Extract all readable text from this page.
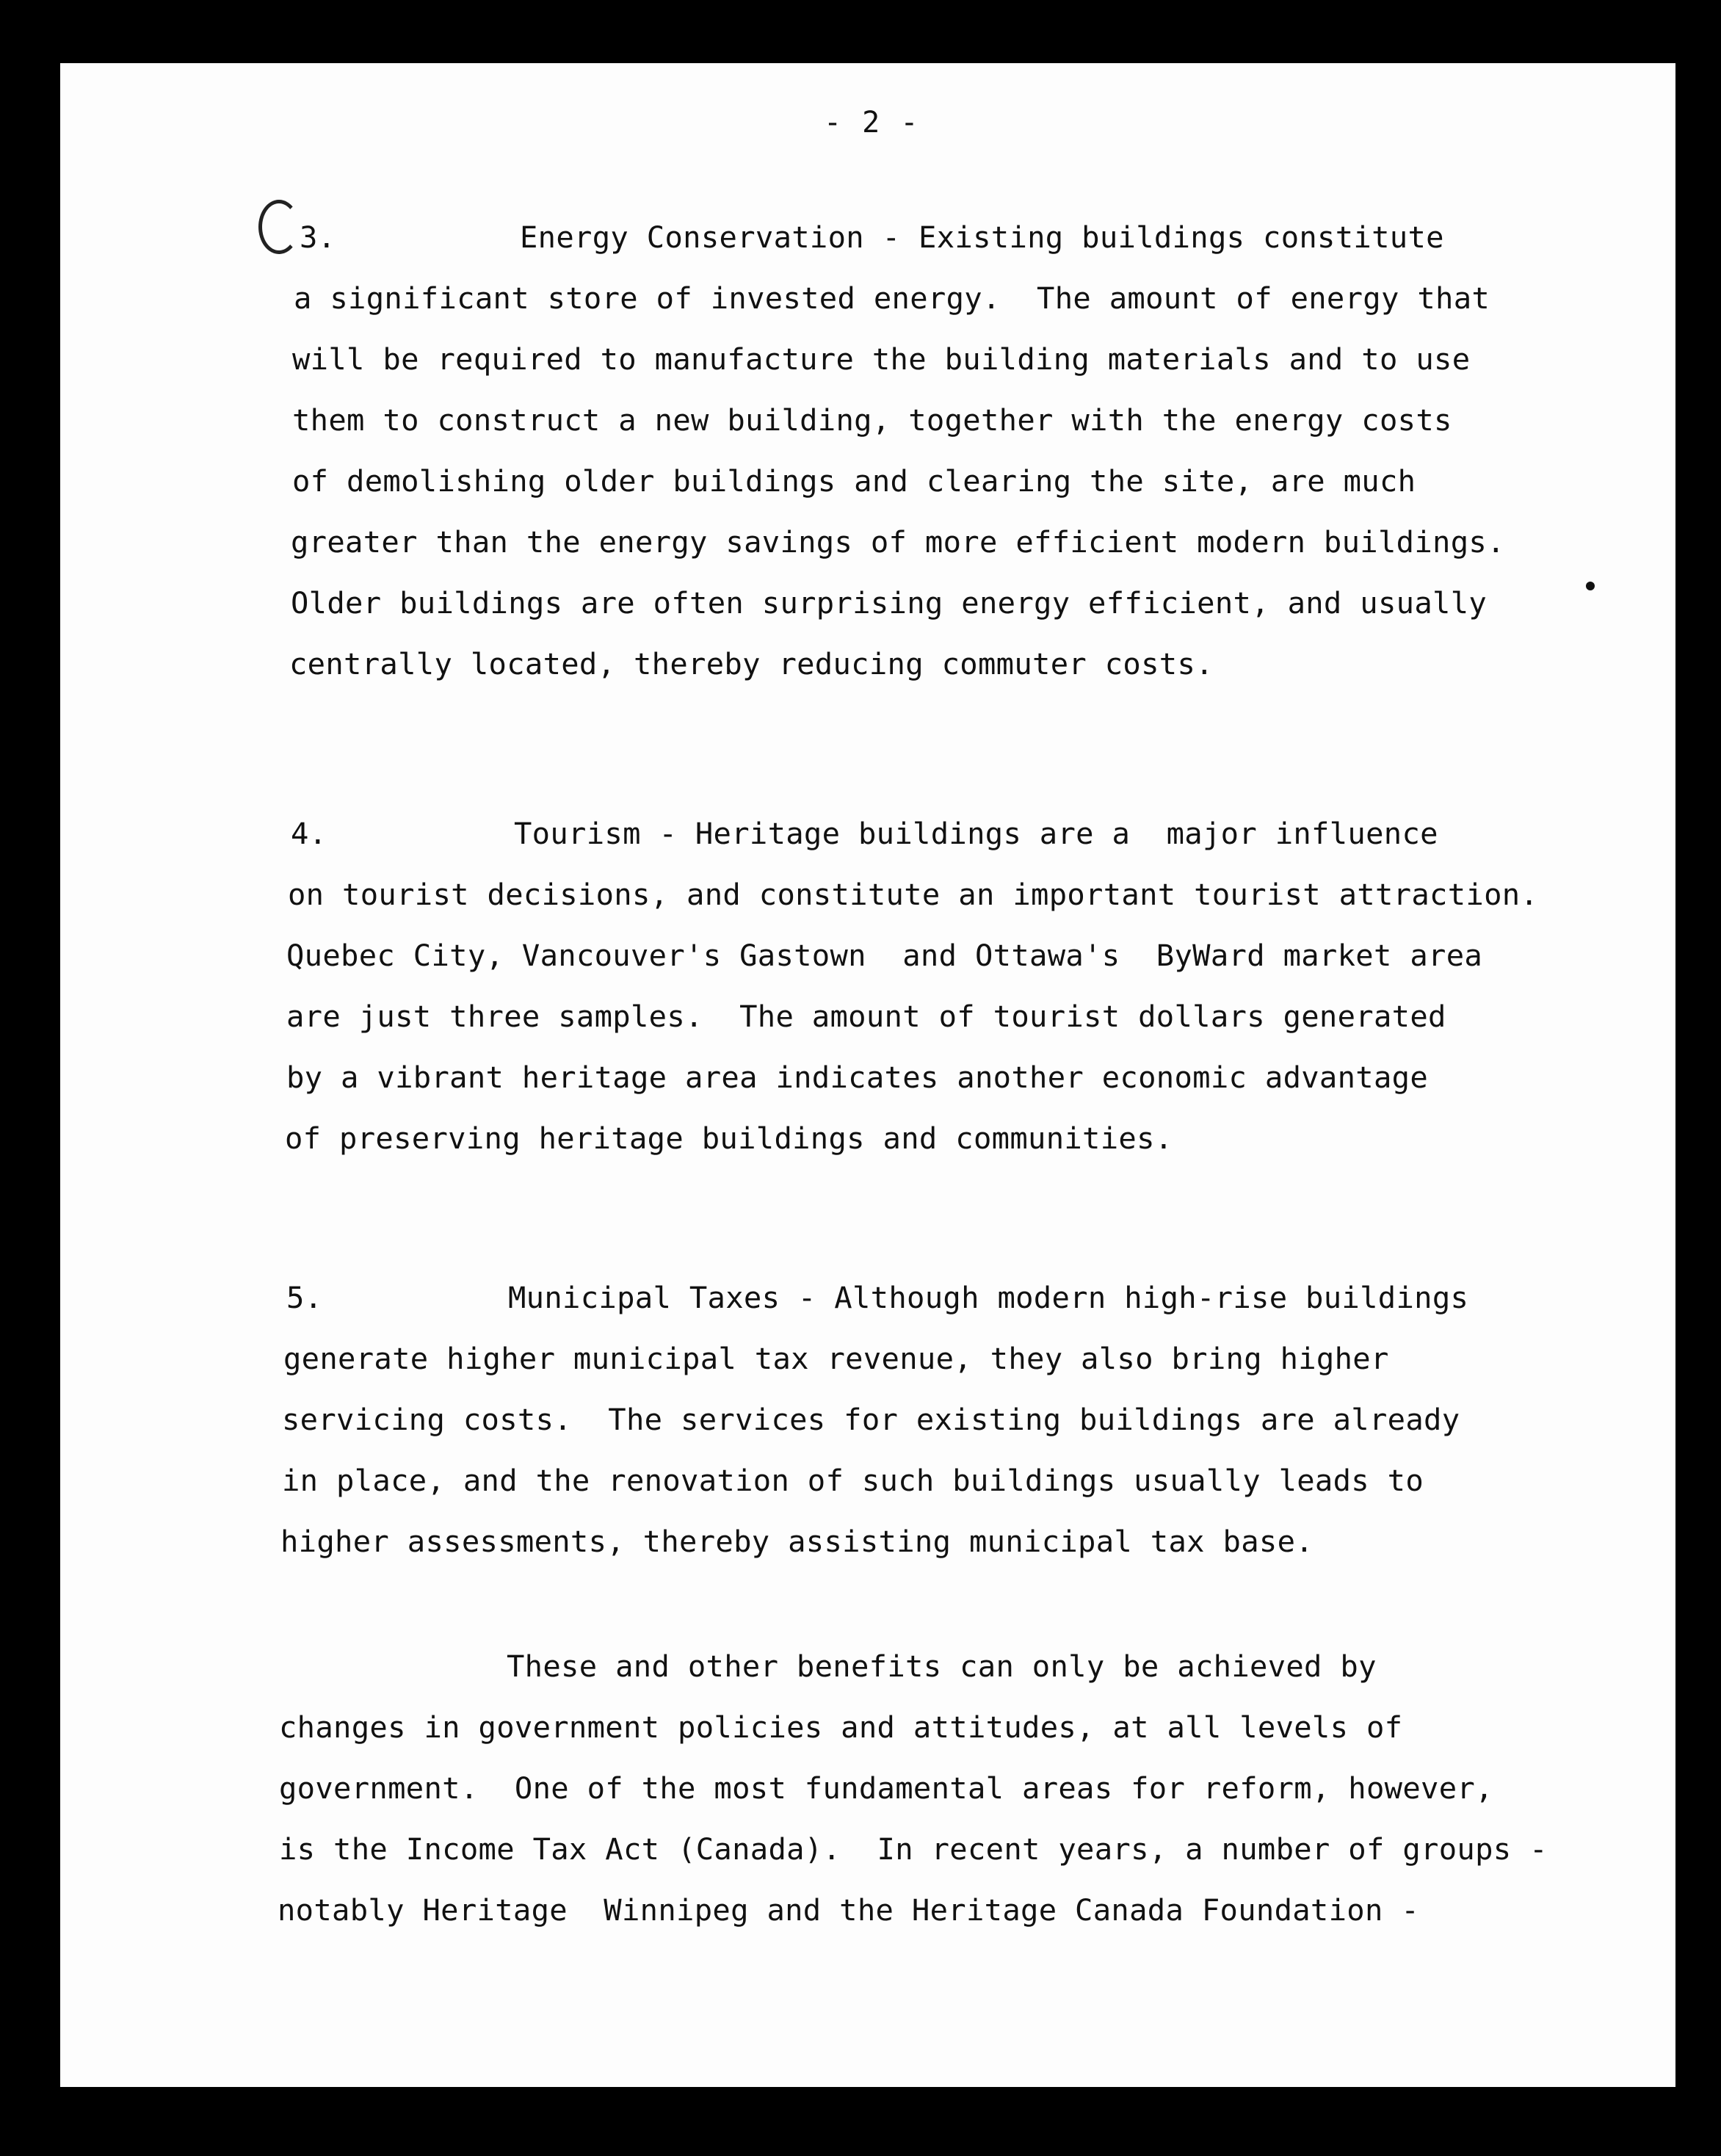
- 2 -
3.	Energy Conservation - Existing buildings constitute
a significant store of invested energy.  The amount of energy that
will be required to manufacture the building materials and to use
them to construct a new building, together with the energy costs
of demolishing older buildings and clearing the site, are much
greater than the energy savings of more efficient modern buildings.
Older buildings are often surprising energy efficient, and usually
centrally located, thereby reducing commuter costs.
4.	Tourism - Heritage buildings are a  major influence
on tourist decisions, and constitute an important tourist attraction.
Quebec City, Vancouver's Gastown  and Ottawa's  ByWard market area
are just three samples.  The amount of tourist dollars generated
by a vibrant heritage area indicates another economic advantage
of preserving heritage buildings and communities.
5.	Municipal Taxes - Although modern high-rise buildings
generate higher municipal tax revenue, they also bring higher
servicing costs.  The services for existing buildings are already
in place, and the renovation of such buildings usually leads to
higher assessments, thereby assisting municipal tax base.
These and other benefits can only be achieved by
changes in government policies and attitudes, at all levels of
government.  One of the most fundamental areas for reform, however,
is the Income Tax Act (Canada).  In recent years, a number of groups -
notably Heritage  Winnipeg and the Heritage Canada Foundation -
